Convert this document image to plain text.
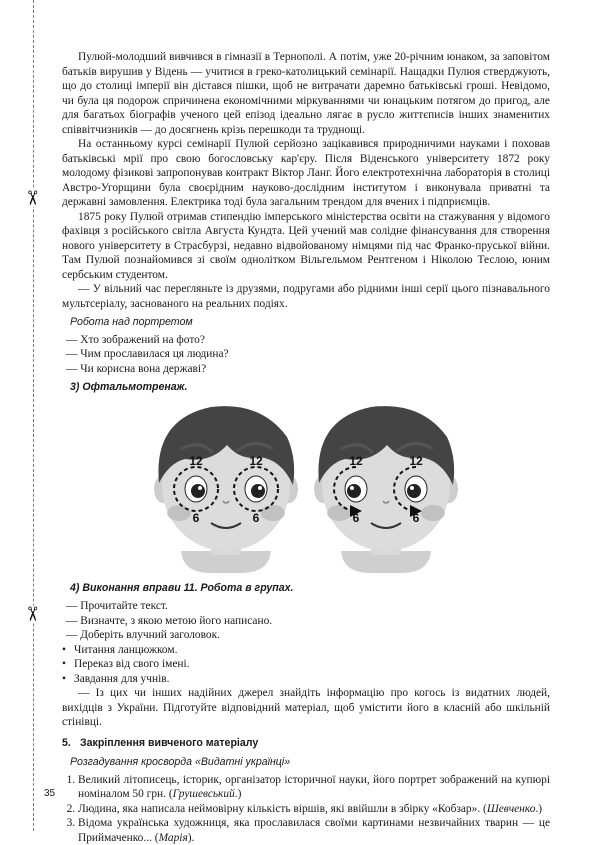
✂
✂

Пулюй-молодший вивчився в гімназії в Тернополі. А потім, уже 20-річним юнаком, за заповітом батьків вирушив у Відень — учитися в греко-католицький семінарії. Нащадки Пулюя стверджують, що до столиці імперії він дістався пішки, щоб не витрачати даремно батьківські гроші. Невідомо, чи була ця подорож спричинена економічними міркуваннями чи юнацьким потягом до пригод, але для багатьох біографів ученого цей епізод ідеально лягає в русло життєписів інших знаменитих співвітчизників — до досягнень крізь перешкоди та труднощі.

На останньому курсі семінарії Пулюй серйозно зацікавився природничими науками і поховав батьківські мрії про свою богословську кар'єру. Після Віденського університету 1872 року молодому фізикові запропонував контракт Віктор Ланг. Його електротехнічна лабораторія в столиці Австро-Угорщини була своєрідним науково-дослідним інститутом і виконувала приватні та державні замовлення. Електрика тоді була загальним трендом для вчених і підприємців.

1875 року Пулюй отримав стипендію імперського міністерства освіти на стажування у відомого фахівця з російського світла Августа Кундта. Цей учений мав солідне фінансування для створення нового університету в Страсбурзі, недавно відвойованому німцями під час Франко-пруської війни. Там Пулюй познайомився зі своїм однолітком Вільгельмом Рентгеном і Ніколою Теслою, юним сербським студентом.

— У вільний час перегляньте із друзями, подругами або рідними інші серії цього пізнавального мультсеріалу, засновaного на реальних подіях.

Робота над портретом

— Хто зображений на фото?

— Чим прославилася ця людина?

— Чи корисна вона державі?

3) Офтальмотренаж.

12
6
12
6
12
6
12
6

4) Виконання вправи 11. Робота в групах.

— Прочитайте текст.

— Визначте, з якою метою його написано.

— Доберіть влучний заголовок.

• Читання ланцюжком.

• Переказ від свого імені.

• Завдання для учнів.

— Із цих чи інших надійних джерел знайдіть інформацію про когось із видатних людей, вихідців з України. Підготуйте відповідний матеріал, щоб умістити його в класній або шкільній стінівці.

5. Закріплення вивченого матеріалу

Розгадування кросворда «Видатні українці»

1. Великий літописець, історик, організатор історичної науки, його портрет зображений на купюрі номіналом 50 грн. (Грушевський.)
2. Людина, яка написала неймовірну кількість віршів, які ввійшли в збірку «Кобзар». (Шевченко.)
3. Відома українська художниця, яка прославилася своїми картинами незвичайних тварин — це Приймаченко... (Марія).
35
